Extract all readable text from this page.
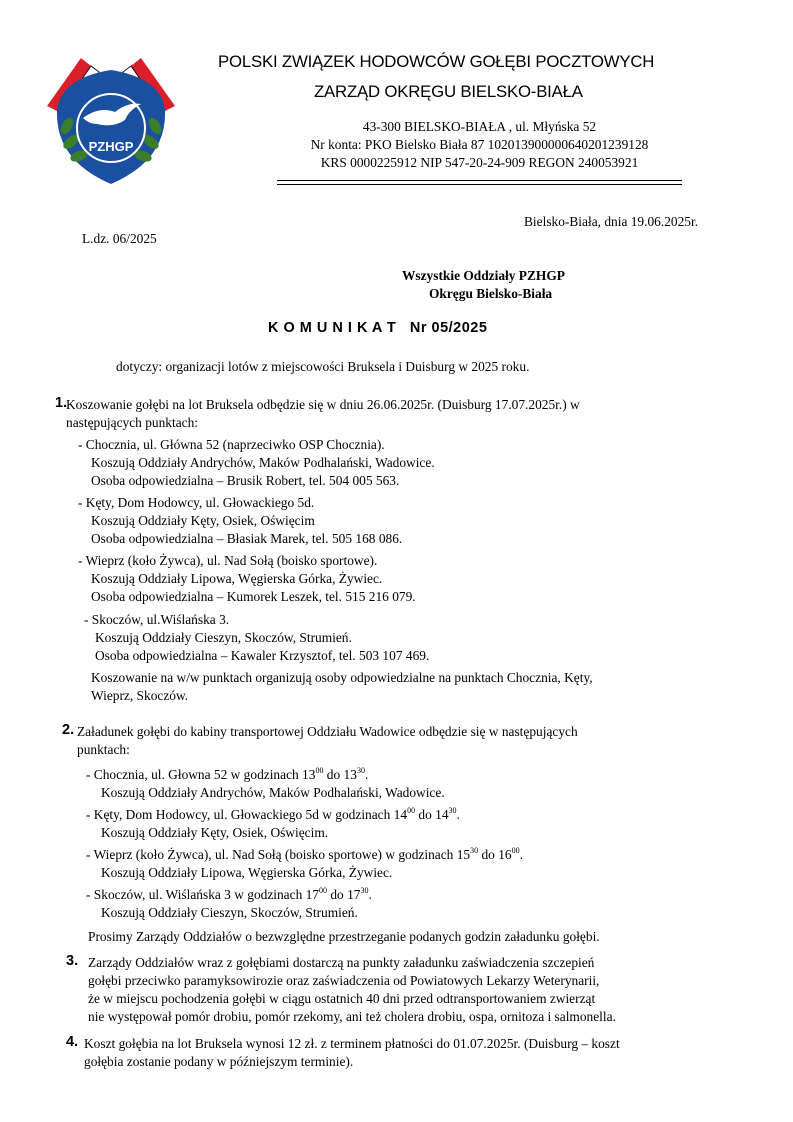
PZHGP
POLSKI ZWIĄZEK HODOWCÓW GOŁĘBI POCZTOWYCH
ZARZĄD OKRĘGU BIELSKO-BIAŁA
43-300 BIELSKO-BIAŁA , ul. Młyńska 52
Nr konta: PKO Bielsko Biała 87 102013900000640201239128
KRS 0000225912 NIP 547-20-24-909 REGON 240053921
Bielsko-Biała, dnia 19.06.2025r.
L.dz. 06/2025
Wszystkie Oddziały PZHGP
Okręgu Bielsko-Biała
K O M U N I K A T Nr 05/2025
dotyczy: organizacji lotów z miejscowości Bruksela i Duisburg w 2025 roku.
1.
Koszowanie gołębi na lot Bruksela odbędzie się w dniu 26.06.2025r. (Duisburg 17.07.2025r.) w
następujących punktach:
- Chocznia, ul. Główna 52 (naprzeciwko OSP Chocznia).
Koszują Oddziały Andrychów, Maków Podhalański, Wadowice.
Osoba odpowiedzialna – Brusik Robert, tel. 504 005 563.
- Kęty, Dom Hodowcy, ul. Głowackiego 5d.
Koszują Oddziały Kęty, Osiek, Oświęcim
Osoba odpowiedzialna – Błasiak Marek, tel. 505 168 086.
- Wieprz (koło Żywca), ul. Nad Sołą (boisko sportowe).
Koszują Oddziały Lipowa, Węgierska Górka, Żywiec.
Osoba odpowiedzialna – Kumorek Leszek, tel. 515 216 079.
- Skoczów, ul.Wiślańska 3.
Koszują Oddziały Cieszyn, Skoczów, Strumień.
Osoba odpowiedzialna – Kawaler Krzysztof, tel. 503 107 469.
Koszowanie na w/w punktach organizują osoby odpowiedzialne na punktach Chocznia, Kęty,
Wieprz, Skoczów.
2. Załadunek gołębi do kabiny transportowej Oddziału Wadowice odbędzie się w następujących
punktach:
- Chocznia, ul. Głowna 52 w godzinach $13^{00}$ do $13^{30}$.
Koszują Oddziały Andrychów, Maków Podhalański, Wadowice.
- Kęty, Dom Hodowcy, ul. Głowackiego 5d w godzinach $14^{00}$ do $14^{30}$.
Koszują Oddziały Kęty, Osiek, Oświęcim.
- Wieprz (koło Żywca), ul. Nad Sołą (boisko sportowe) w godzinach $15^{30}$ do $16^{00}$.
Koszują Oddziały Lipowa, Węgierska Górka, Żywiec.
- Skoczów, ul. Wiślańska 3 w godzinach $17^{00}$ do $17^{30}$.
Koszują Oddziały Cieszyn, Skoczów, Strumień.
Prosimy Zarządy Oddziałów o bezwzględne przestrzeganie podanych godzin załadunku gołębi.
3. Zarządy Oddziałów wraz z gołębiami dostarczą na punkty załadunku zaświadczenia szczepień
gołębi przeciwko paramyksowirozie oraz zaświadczenia od Powiatowych Lekarzy Weterynarii,
że w miejscu pochodzenia gołębi w ciągu ostatnich 40 dni przed odtransportowaniem zwierząt
nie występował pomór drobiu, pomór rzekomy, ani też cholera drobiu, ospa, ornitoza i salmonella.
4. Koszt gołębia na lot Bruksela wynosi 12 zł. z terminem płatności do 01.07.2025r. (Duisburg – koszt
gołębia zostanie podany w późniejszym terminie).
